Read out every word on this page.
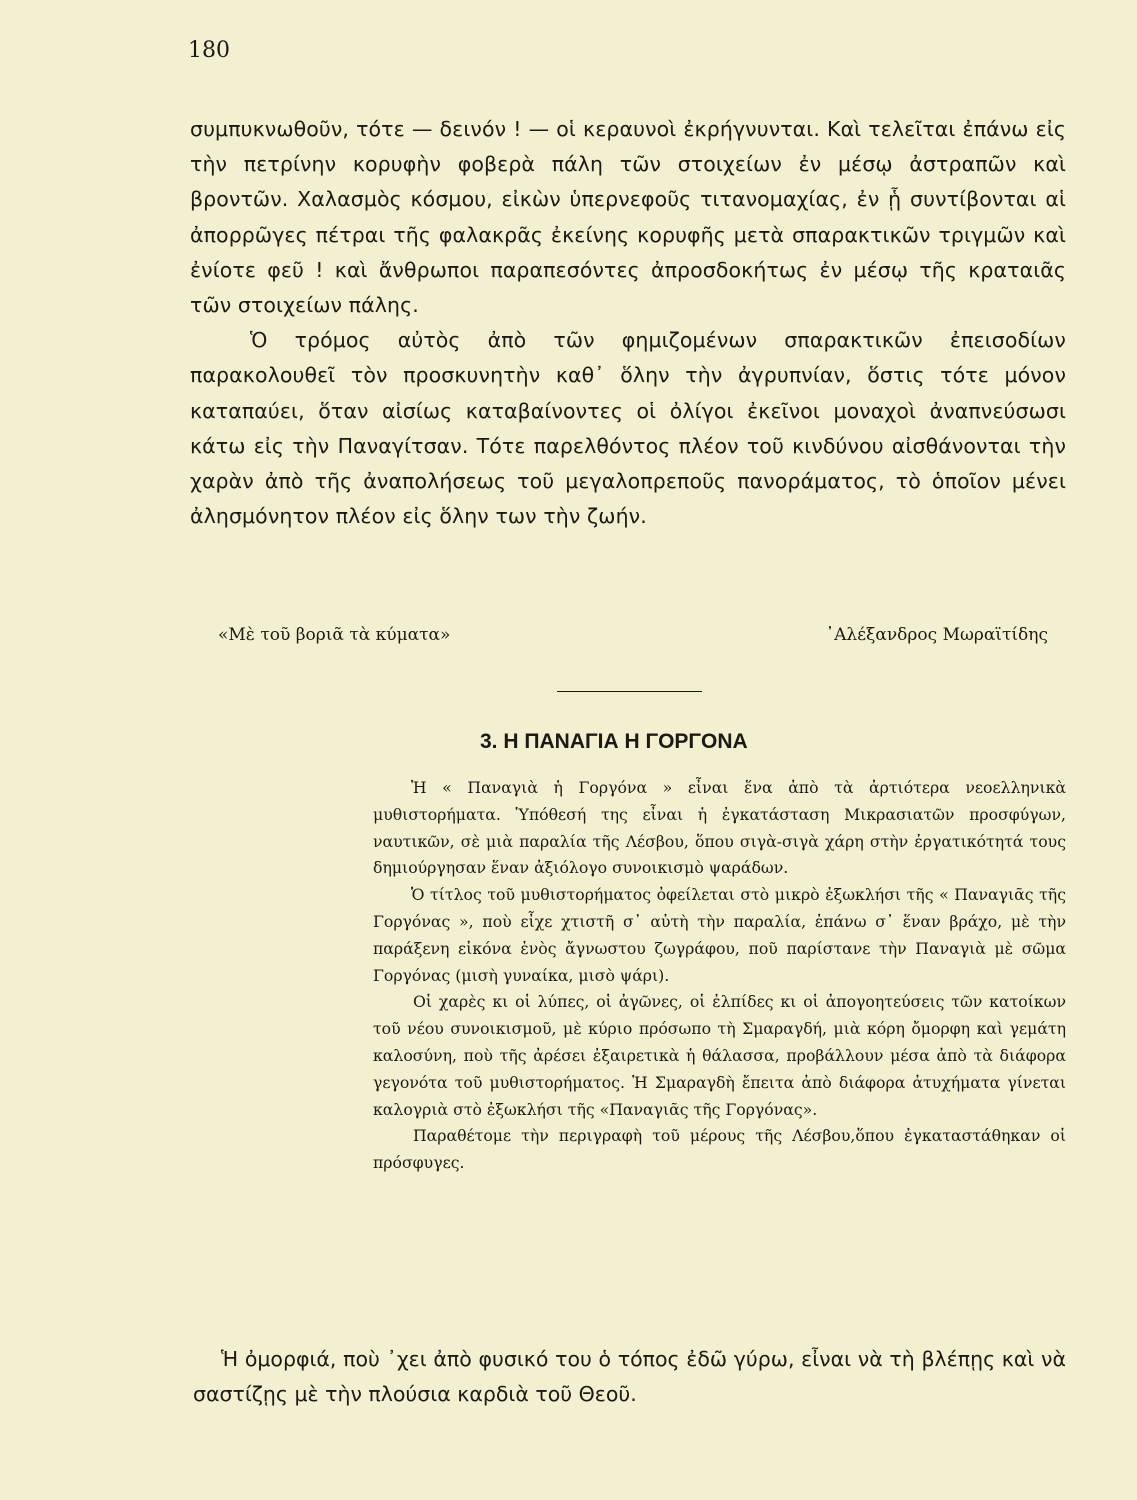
180

συμπυκνωθοῦν, τότε — δεινόν ! — οἱ κεραυνοὶ ἐκρήγνυνται. Καὶ τελεῖται ἐπάνω εἰς τὴν πετρίνην κορυφὴν φοβερὰ πάλη τῶν στοιχείων ἐν μέσῳ ἀστραπῶν καὶ βροντῶν. Χαλασμὸς κόσμου, εἰκὼν ὑπερνεφοῦς τιτανομαχίας, ἐν ᾗ συντίβονται αἱ ἀπορρῶγες πέτραι τῆς φαλακρᾶς ἐκείνης κορυφῆς μετὰ σπαρακτικῶν τριγμῶν καὶ ἐνίοτε φεῦ ! καὶ ἄνθρωποι παραπεσόντες ἀπροσδοκήτως ἐν μέσῳ τῆς κραταιᾶς τῶν στοιχείων πάλης.

Ὁ τρόμος αὐτὸς ἀπὸ τῶν φημιζομένων σπαρακτικῶν ἐπεισοδίων παρακολουθεῖ τὸν προσκυνητὴν καθ᾿ ὅλην τὴν ἀγρυπνίαν, ὅστις τότε μόνον καταπαύει, ὅταν αἰσίως καταβαίνοντες οἱ ὀλίγοι ἐκεῖνοι μοναχοὶ ἀναπνεύσωσι κάτω εἰς τὴν Παναγίτσαν. Τότε παρελθόντος πλέον τοῦ κινδύνου αἰσθάνονται τὴν χαρὰν ἀπὸ τῆς ἀναπολήσεως τοῦ μεγαλοπρεποῦς πανοράματος, τὸ ὁποῖον μένει ἀλησμόνητον πλέον εἰς ὅλην των τὴν ζωήν.

«Μὲ τοῦ βοριᾶ τὰ κύματα»	᾿Αλέξανδρος Μωραϊτίδης
3. Η ΠΑΝΑΓΙΑ Η ΓΟΡΓΟΝΑ

Ἡ « Παναγιὰ ἡ Γοργόνα » εἶναι ἕνα ἀπὸ τὰ ἀρτιότερα νεοελληνικὰ μυθιστορήματα. Ὑπόθεσή της εἶναι ἡ ἐγκατάσταση Μικρασιατῶν προσφύγων, ναυτικῶν, σὲ μιὰ παραλία τῆς Λέσβου, ὅπου σιγὰ-σιγὰ χάρη στὴν ἐργατικότητά τους δημιούργησαν ἕναν ἀξιόλογο συνοικισμὸ ψαράδων.

Ὁ τίτλος τοῦ μυθιστορήματος ὀφείλεται στὸ μικρὸ ἐξωκλήσι τῆς « Παναγιᾶς τῆς Γοργόνας », ποὺ εἶχε χτιστῆ σ᾿ αὐτὴ τὴν παραλία, ἐπάνω σ᾿ ἕναν βράχο, μὲ τὴν παράξενη εἰκόνα ἑνὸς ἄγνωστου ζωγράφου, ποῦ παρίστανε τὴν Παναγιὰ μὲ σῶμα Γοργόνας (μισὴ γυναίκα, μισὸ ψάρι).

Οἱ χαρὲς κι οἱ λύπες, οἱ ἀγῶνες, οἱ ἐλπίδες κι οἱ ἀπογοητεύσεις τῶν κατοίκων τοῦ νέου συνοικισμοῦ, μὲ κύριο πρόσωπο τὴ Σμαραγδή, μιὰ κόρη ὄμορφη καὶ γεμάτη καλοσύνη, ποὺ τῆς ἀρέσει ἐξαιρετικὰ ἡ θάλασσα, προβάλλουν μέσα ἀπὸ τὰ διάφορα γεγονότα τοῦ μυθιστορήματος. Ἡ Σμαραγδὴ ἔπειτα ἀπὸ διάφορα ἀτυχήματα γίνεται καλογριὰ στὸ ἐξωκλήσι τῆς «Παναγιᾶς τῆς Γοργόνας».

Παραθέτομε τὴν περιγραφὴ τοῦ μέρους τῆς Λέσβου,ὅπου ἐγκαταστάθηκαν οἱ πρόσφυγες.

Ἡ ὀμορφιά, ποὺ ᾿χει ἀπὸ φυσικό του ὁ τόπος ἐδῶ γύρω, εἶναι νὰ τὴ βλέπῃς καὶ νὰ σαστίζῃς μὲ τὴν πλούσια καρδιὰ τοῦ Θεοῦ.
